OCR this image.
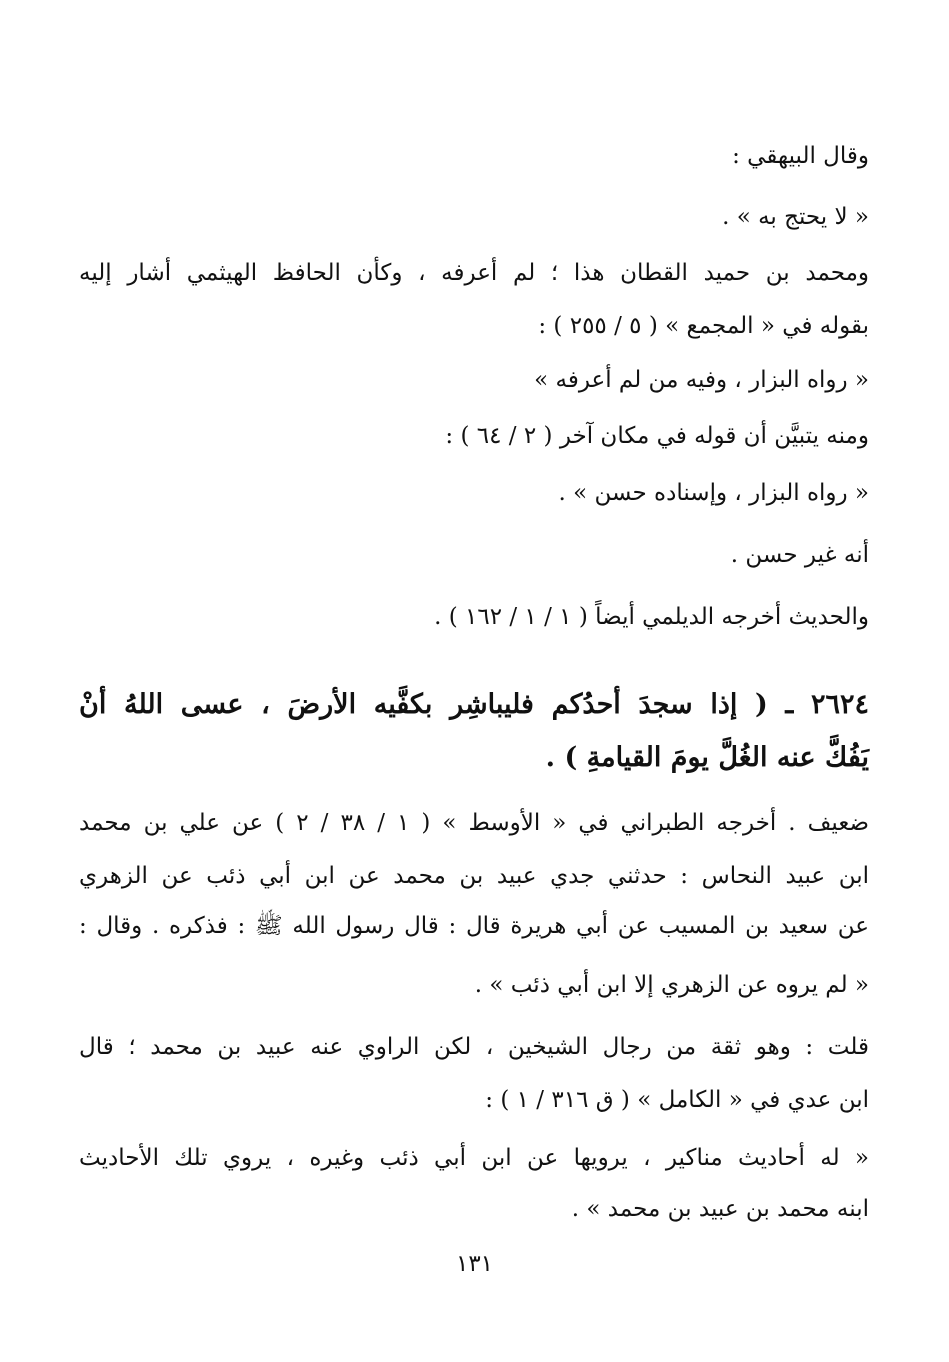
وقال البيهقي :
« لا يحتج به » .
ومحمد بن حميد القطان هذا ؛ لم أعرفه ، وكأن الحافظ الهيثمي أشار إليه
بقوله في « المجمع » ( ٥ / ٢٥٥ ) :
« رواه البزار ، وفيه من لم أعرفه »
ومنه يتبيَّن أن قوله في مكان آخر ( ٢ / ٦٤ ) :
« رواه البزار ، وإسناده حسن » .
أنه غير حسن .
والحديث أخرجه الديلمي أيضاً ( ١ / ١ / ١٦٢ ) .
٢٦٢٤ ـ ( إذا سجدَ أحدُكم فليباشِر بكفَّيه الأرضَ ، عسى اللهُ أنْ
يَفُكَّ عنه الغُلَّ يومَ القيامةِ ) .
ضعيف . أخرجه الطبراني في « الأوسط » ( ١ / ٣٨ / ٢ ) عن علي بن محمد
ابن عبيد النحاس : حدثني جدي عبيد بن محمد عن ابن أبي ذئب عن الزهري
عن سعيد بن المسيب عن أبي هريرة قال : قال رسول الله ﷺ : فذكره . وقال :
« لم يروه عن الزهري إلا ابن أبي ذئب » .
قلت : وهو ثقة من رجال الشيخين ، لكن الراوي عنه عبيد بن محمد ؛ قال
ابن عدي في « الكامل » ( ق ٣١٦ / ١ ) :
« له أحاديث مناكير ، يرويها عن ابن أبي ذئب وغيره ، يروي تلك الأحاديث
ابنه محمد بن عبيد بن محمد » .
١٣١
